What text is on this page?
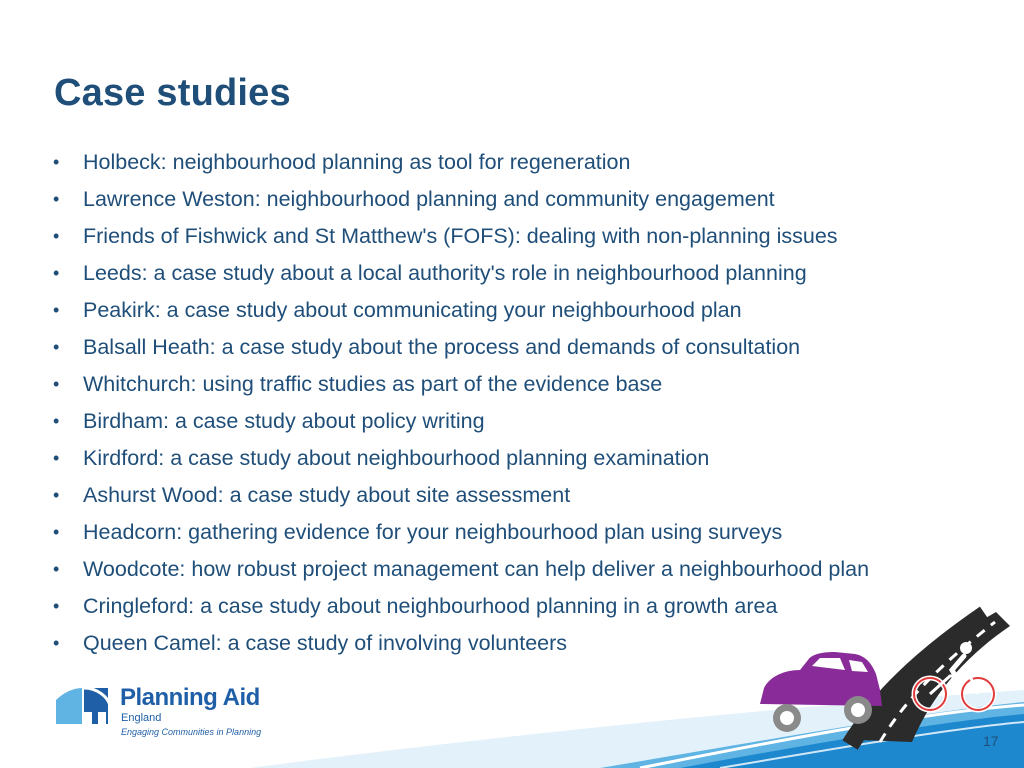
Case studies
• Holbeck: neighbourhood planning as tool for regeneration
• Lawrence Weston: neighbourhood planning and community engagement
• Friends of Fishwick and St Matthew's (FOFS): dealing with non-planning issues
• Leeds: a case study about a local authority's role in neighbourhood planning
• Peakirk: a case study about communicating your neighbourhood plan
• Balsall Heath: a case study about the process and demands of consultation
• Whitchurch: using traffic studies as part of the evidence base
• Birdham: a case study about policy writing
• Kirdford: a case study about neighbourhood planning examination
• Ashurst Wood: a case study about site assessment
• Headcorn: gathering evidence for your neighbourhood plan using surveys
• Woodcote: how robust project management can help deliver a neighbourhood plan
• Cringleford: a case study about neighbourhood planning in a growth area
• Queen Camel: a case study of involving volunteers
Planning Aid
England
Engaging Communities in Planning
17
